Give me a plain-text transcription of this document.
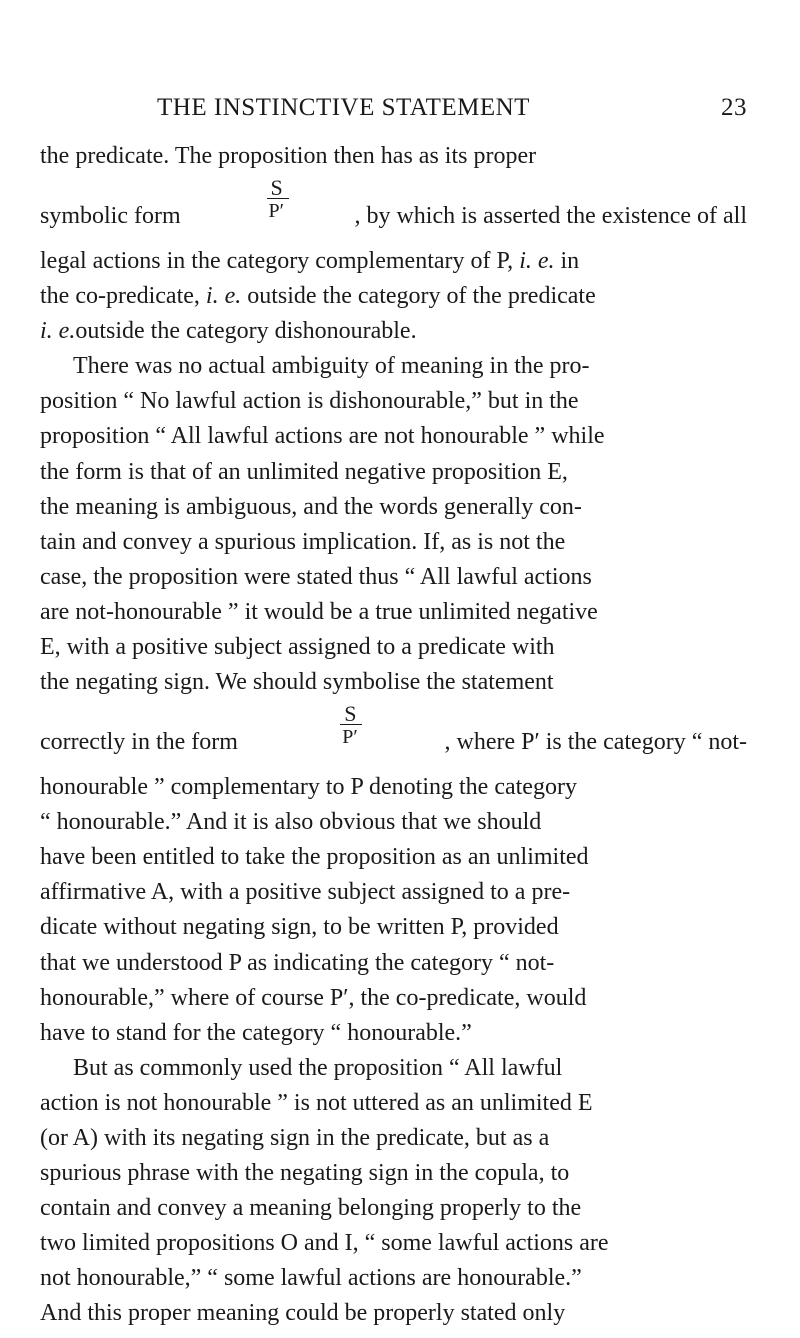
THE INSTINCTIVE STATEMENT	23
the predicate. The proposition then has as its proper
symbolic form	$\frac{S}{P'}$ , by which is asserted the existence of all
legal actions in the category complementary of P, i. e. in
the co-predicate, i. e. outside the category of the predicate
i. e. outside the category dishonourable.
There was no actual ambiguity of meaning in the pro-
position “ No lawful action is dishonourable,” but in the
proposition “ All lawful actions are not honourable ” while
the form is that of an unlimited negative proposition E,
the meaning is ambiguous, and the words generally con-
tain and convey a spurious implication. If, as is not the
case, the proposition were stated thus “ All lawful actions
are not-honourable ” it would be a true unlimited negative
E, with a positive subject assigned to a predicate with
the negating sign. We should symbolise the statement
correctly in the form	$\frac{S}{P'}$	, where P′ is the category “ not-
honourable ” complementary to P denoting the category
“ honourable.” And it is also obvious that we should
have been entitled to take the proposition as an unlimited
affirmative A, with a positive subject assigned to a pre-
dicate without negating sign, to be written P, provided
that we understood P as indicating the category “ not-
honourable,” where of course P′, the co-predicate, would
have to stand for the category “ honourable.”
But as commonly used the proposition “ All lawful
action is not honourable ” is not uttered as an unlimited E
(or A) with its negating sign in the predicate, but as a
spurious phrase with the negating sign in the copula, to
contain and convey a meaning belonging properly to the
two limited propositions O and I, “ some lawful actions are
not honourable,” “ some lawful actions are honourable.”
And this proper meaning could be properly stated only
